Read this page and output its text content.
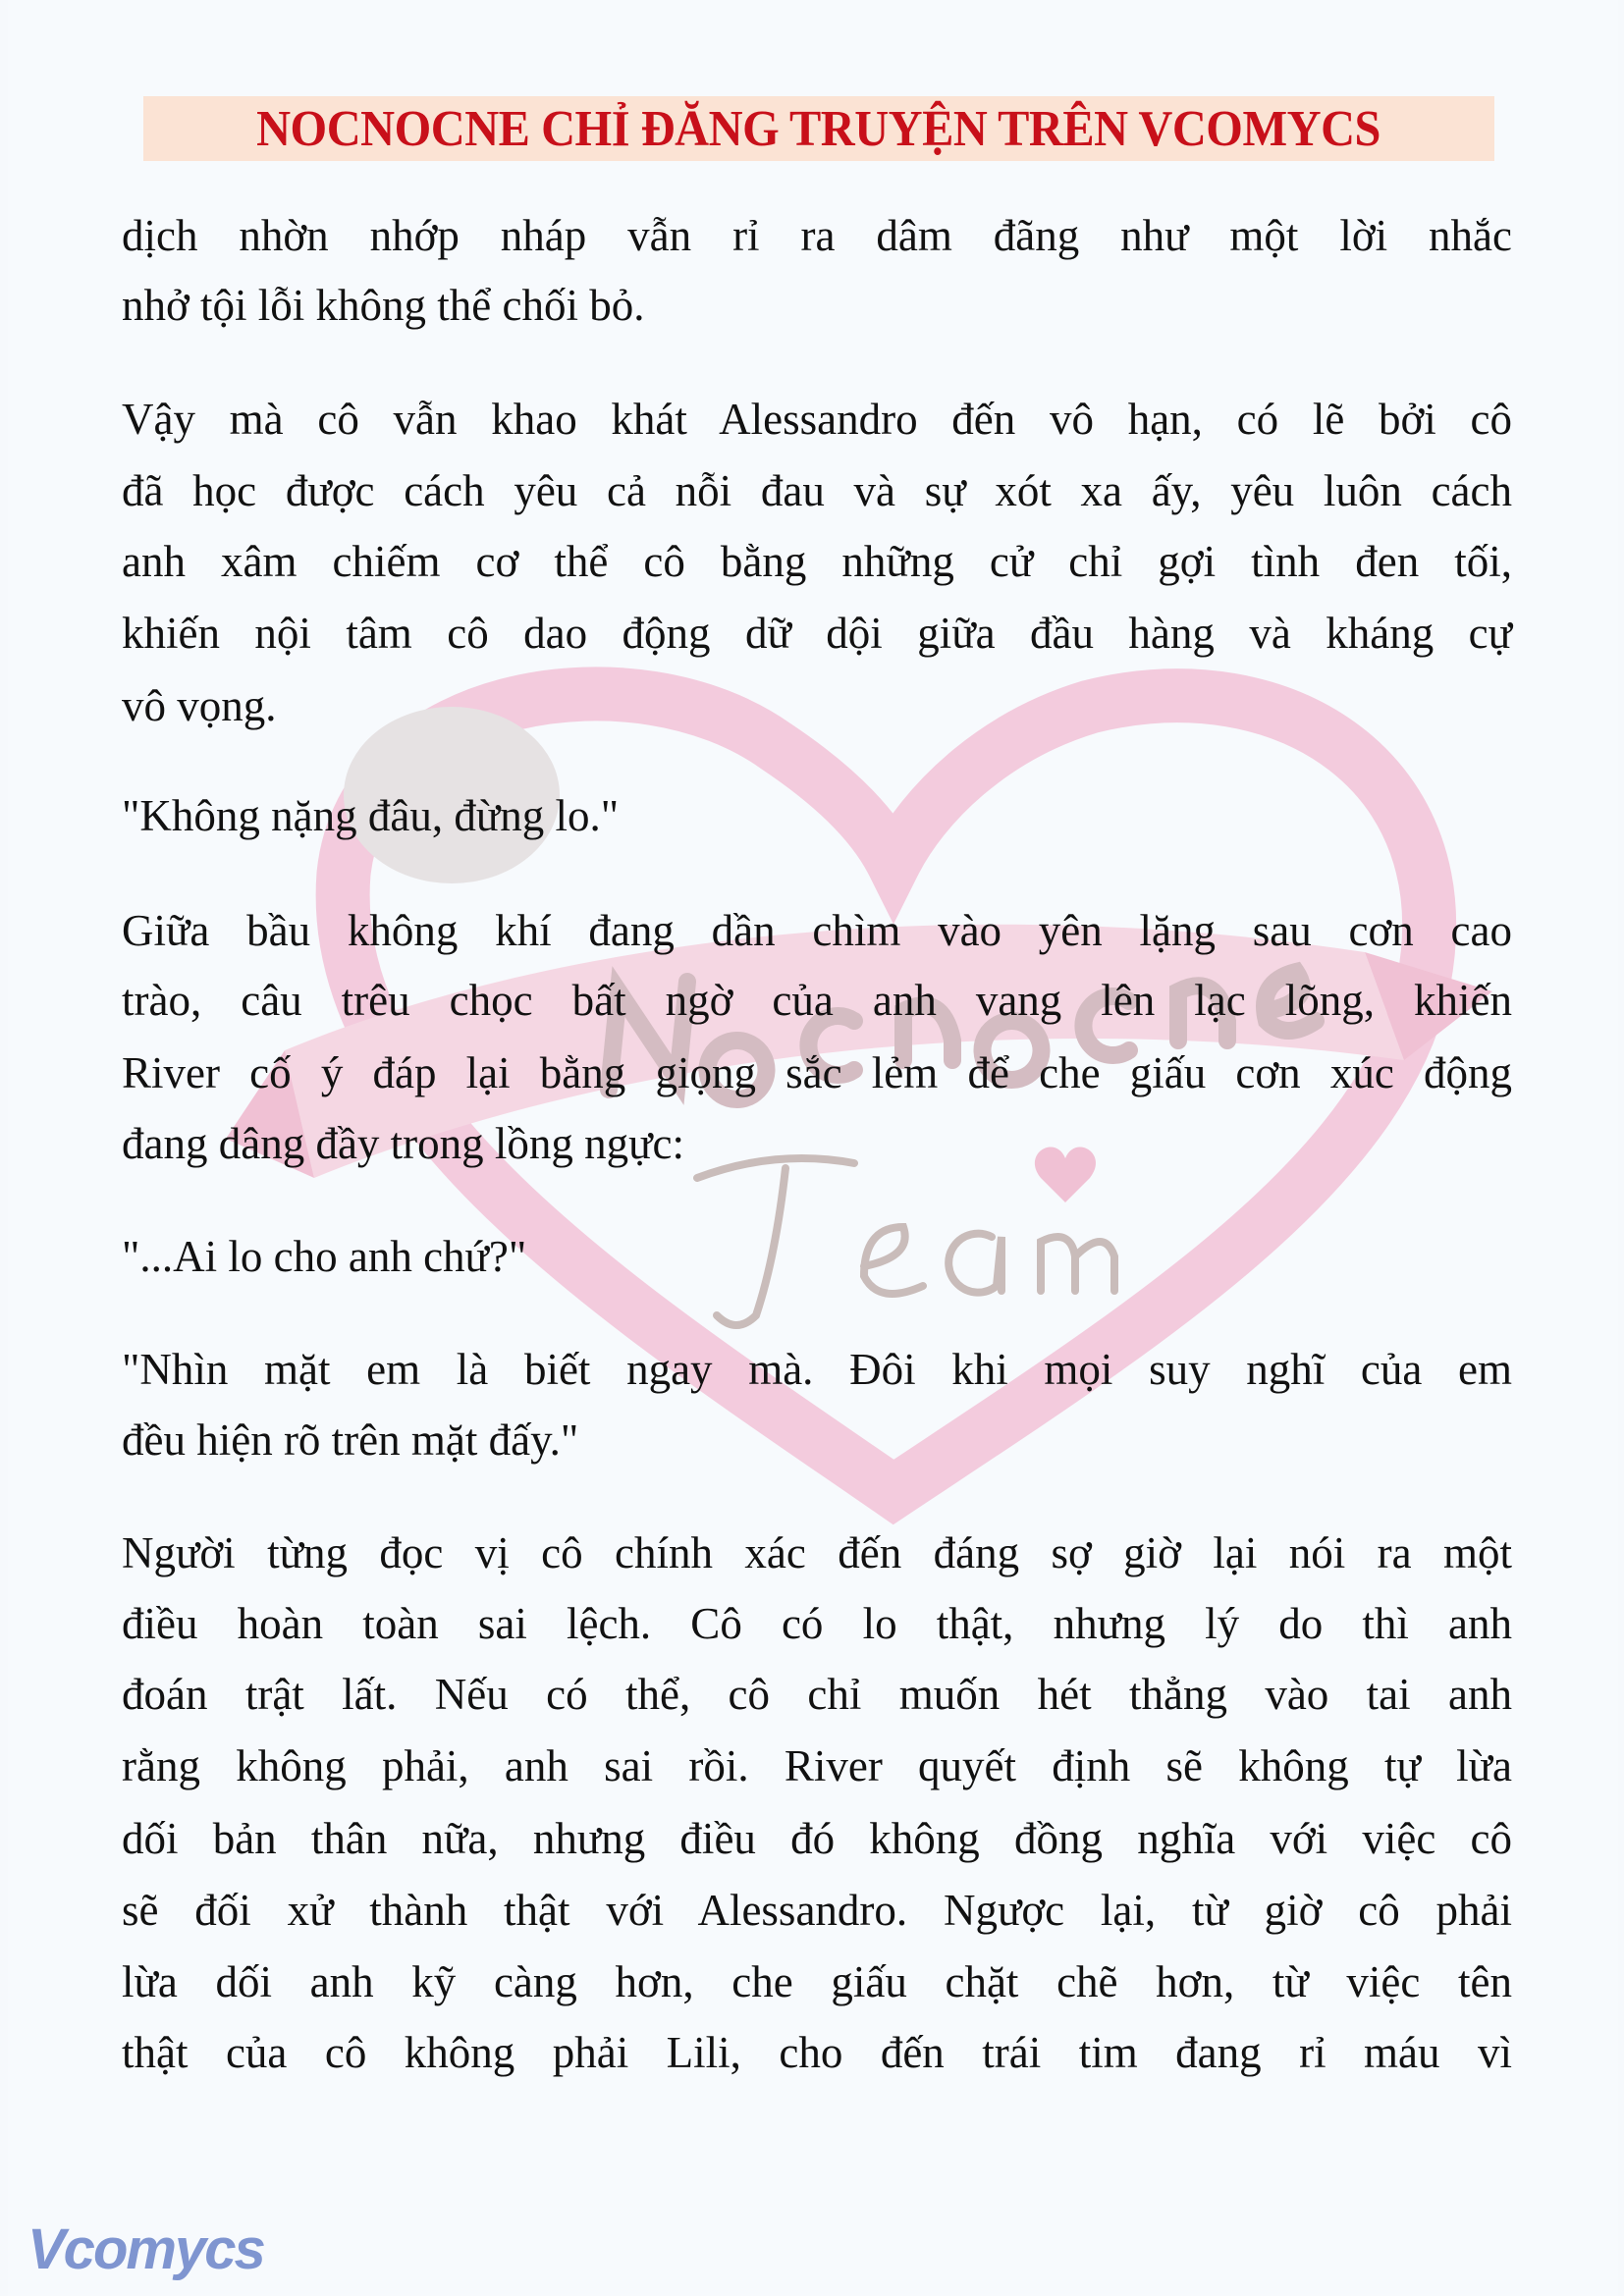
NOCNOCNE CHỈ ĐĂNG TRUYỆN TRÊN VCOMYCS
dịch nhờn nhớp nháp vẫn rỉ ra dâm đãng như một lời nhắc
nhở tội lỗi không thể chối bỏ.
Vậy mà cô vẫn khao khát Alessandro đến vô hạn, có lẽ bởi cô
đã học được cách yêu cả nỗi đau và sự xót xa ấy, yêu luôn cách
anh xâm chiếm cơ thể cô bằng những cử chỉ gợi tình đen tối,
khiến nội tâm cô dao động dữ dội giữa đầu hàng và kháng cự
vô vọng.
"Không nặng đâu, đừng lo."
Giữa bầu không khí đang dần chìm vào yên lặng sau cơn cao
trào, câu trêu chọc bất ngờ của anh vang lên lạc lõng, khiến
River cố ý đáp lại bằng giọng sắc lẻm để che giấu cơn xúc động
đang dâng đầy trong lồng ngực:
"...Ai lo cho anh chứ?"
"Nhìn mặt em là biết ngay mà. Đôi khi mọi suy nghĩ của em
đều hiện rõ trên mặt đấy."
Người từng đọc vị cô chính xác đến đáng sợ giờ lại nói ra một
điều hoàn toàn sai lệch. Cô có lo thật, nhưng lý do thì anh
đoán trật lất. Nếu có thể, cô chỉ muốn hét thẳng vào tai anh
rằng không phải, anh sai rồi. River quyết định sẽ không tự lừa
dối bản thân nữa, nhưng điều đó không đồng nghĩa với việc cô
sẽ đối xử thành thật với Alessandro. Ngược lại, từ giờ cô phải
lừa dối anh kỹ càng hơn, che giấu chặt chẽ hơn, từ việc tên
thật của cô không phải Lili, cho đến trái tim đang rỉ máu vì
Vcomycs
